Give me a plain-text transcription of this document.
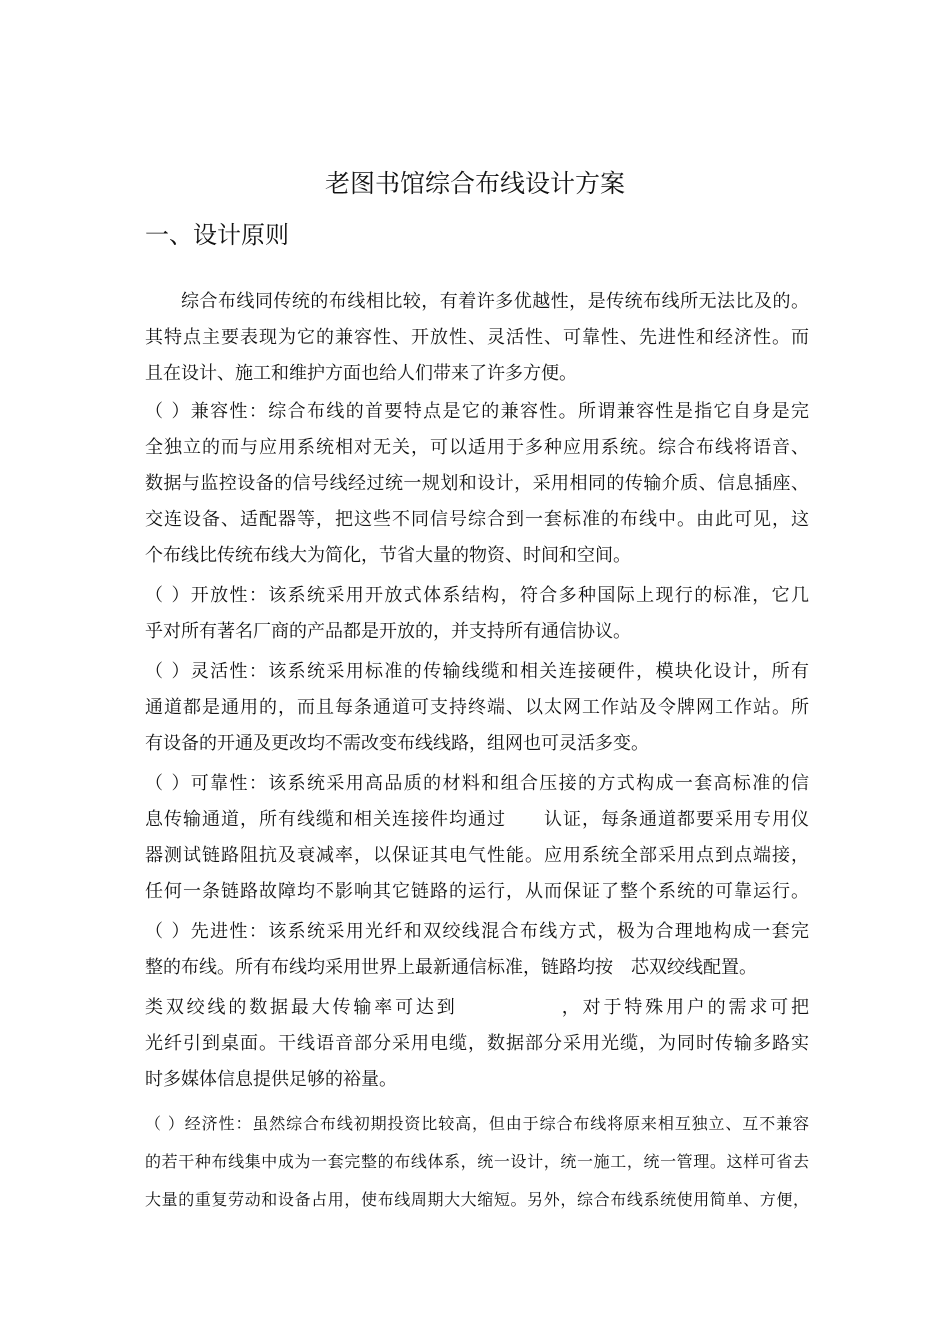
老图书馆综合布线设计方案
一、设计原则

综合布线同传统的布线相比较，有着许多优越性，是传统布线所无法比及的。

其特点主要表现为它的兼容性、开放性、灵活性、可靠性、先进性和经济性。而

且在设计、施工和维护方面也给人们带来了许多方便。

（ ）兼容性：综合布线的首要特点是它的兼容性。所谓兼容性是指它自身是完

全独立的而与应用系统相对无关，可以适用于多种应用系统。综合布线将语音、

数据与监控设备的信号线经过统一规划和设计，采用相同的传输介质、信息插座、

交连设备、适配器等，把这些不同信号综合到一套标准的布线中。由此可见，这

个布线比传统布线大为简化，节省大量的物资、时间和空间。

（ ）开放性：该系统采用开放式体系结构，符合多种国际上现行的标准，它几

乎对所有著名厂商的产品都是开放的，并支持所有通信协议。

（ ）灵活性：该系统采用标准的传输线缆和相关连接硬件，模块化设计，所有

通道都是通用的，而且每条通道可支持终端、以太网工作站及令牌网工作站。所

有设备的开通及更改均不需改变布线线路，组网也可灵活多变。

（ ）可靠性：该系统采用高品质的材料和组合压接的方式构成一套高标准的信

息传输通道，所有线缆和相关连接件均通过　　认证，每条通道都要采用专用仪

器测试链路阻抗及衰减率，以保证其电气性能。应用系统全部采用点到点端接，

任何一条链路故障均不影响其它链路的运行，从而保证了整个系统的可靠运行。

（ ）先进性：该系统采用光纤和双绞线混合布线方式，极为合理地构成一套完

整的布线。所有布线均采用世界上最新通信标准，链路均按　芯双绞线配置。

类双绞线的数据最大传输率可达到　　　　　，对于特殊用户的需求可把

光纤引到桌面。干线语音部分采用电缆，数据部分采用光缆，为同时传输多路实

时多媒体信息提供足够的裕量。

（ ）经济性：虽然综合布线初期投资比较高，但由于综合布线将原来相互独立、互不兼容

的若干种布线集中成为一套完整的布线体系，统一设计，统一施工，统一管理。这样可省去

大量的重复劳动和设备占用，使布线周期大大缩短。另外，综合布线系统使用简单、方便，
